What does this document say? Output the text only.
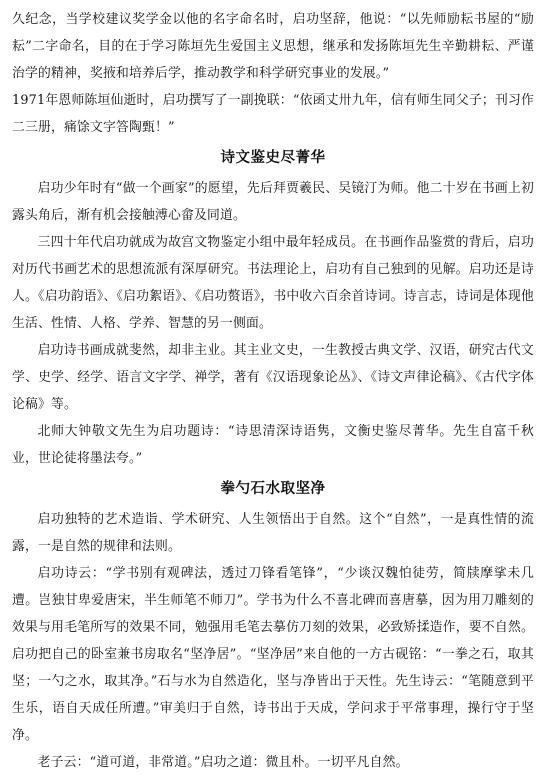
久纪念，当学校建议奖学金以他的名字命名时，启功坚辞，他说：“以先师励耘书屋的“励耘”二字命名，目的在于学习陈垣先生爱国主义思想，继承和发扬陈垣先生辛勤耕耘、严谨治学的精神，奖掖和培养后学，推动教学和科学研究事业的发展。”

1971年恩师陈垣仙逝时，启功撰写了一副挽联：“依函丈卅九年，信有师生同父子；刊习作二三册，痛馀文字答陶甄！”

诗文鉴史尽菁华

启功少年时有“做一个画家”的愿望，先后拜贾羲民、吴镜汀为师。他二十岁在书画上初露头角后，渐有机会接触溥心畲及同道。

三四十年代启功就成为故宫文物鉴定小组中最年轻成员。在书画作品鉴赏的背后，启功对历代书画艺术的思想流派有深厚研究。书法理论上，启功有自己独到的见解。启功还是诗人。《启功韵语》、《启功絮语》、《启功赘语》，书中收六百余首诗词。诗言志，诗词是体现他生活、性情、人格、学养、智慧的另一侧面。

启功诗书画成就斐然，却非主业。其主业文史，一生教授古典文学、汉语，研究古代文学、史学、经学、语言文字学、禅学，著有《汉语现象论丛》、《诗文声律论稿》、《古代字体论稿》等。

北师大钟敬文先生为启功题诗：“诗思清深诗语隽，文衡史鉴尽菁华。先生自富千秋业，世论徒将墨法夸。”

拳勺石水取坚净

启功独特的艺术造诣、学术研究、人生领悟出于自然。这个“自然”，一是真性情的流露，一是自然的规律和法则。

启功诗云：“学书别有观碑法，透过刀锋看笔锋”，“少谈汉魏怕徒劳，简牍摩挲未几遭。岂独甘卑爱唐宋，半生师笔不师刀”。学书为什么不喜北碑而喜唐摹，因为用刀雕刻的效果与用毛笔所写的效果不同，勉强用毛笔去摹仿刀刻的效果，必致矫揉造作，要不自然。启功把自己的卧室兼书房取名“坚净居”。“坚净居”来自他的一方古砚铭：“一拳之石，取其坚；一勺之水，取其净。”石与水为自然造化，坚与净皆出于天性。先生诗云：“笔随意到平生乐，语自天成任所遭。”审美归于自然，诗书出于天成，学问求于平常事理，操行守于坚净。

老子云：“道可道，非常道。”启功之道：微且朴。一切平凡自然。
